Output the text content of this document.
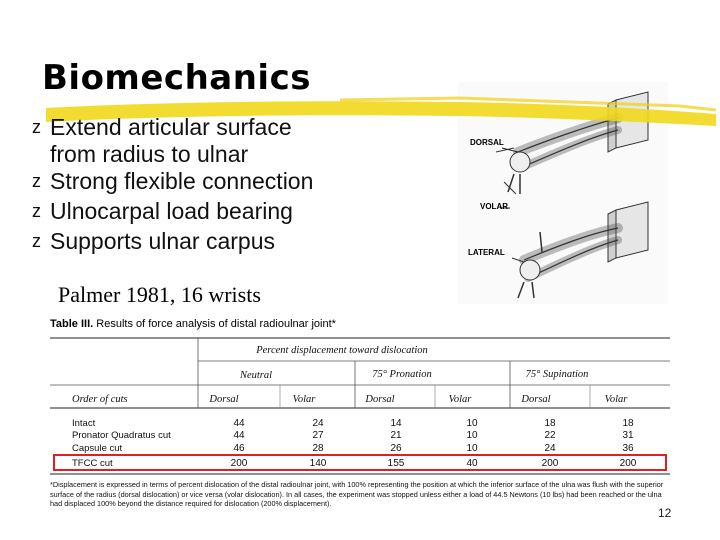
Biomechanics
z Extend articular surface
from radius to ulnar
z Strong flexible connection
z Ulnocarpal load bearing
z Supports ulnar carpus
DORSAL
VOLAR
LATERAL
Palmer 1981, 16 wrists
Table III. Results of force analysis of distal radioulnar joint*
Percent displacement toward dislocation
Neutral	75° Pronation	75° Supination
Order of cuts	Dorsal	Volar	Dorsal	Volar	Dorsal	Volar
Intact	44	24	14	10	18	18
Pronator Quadratus cut	44	27	21	10	22	31
Capsule cut	46	28	26	10	24	36
TFCC cut	200	140	155	40	200	200
*Displacement is expressed in terms of percent dislocation of the distal radioulnar joint, with 100% representing the position at which the inferior surface of the ulna was flush with the superior surface of the radius (dorsal dislocation) or vice versa (volar dislocation). In all cases, the experiment was stopped unless either a load of 44.5 Newtons (10 lbs) had been reached or the ulna had displaced 100% beyond the distance required for dislocation (200% displacement).
12
